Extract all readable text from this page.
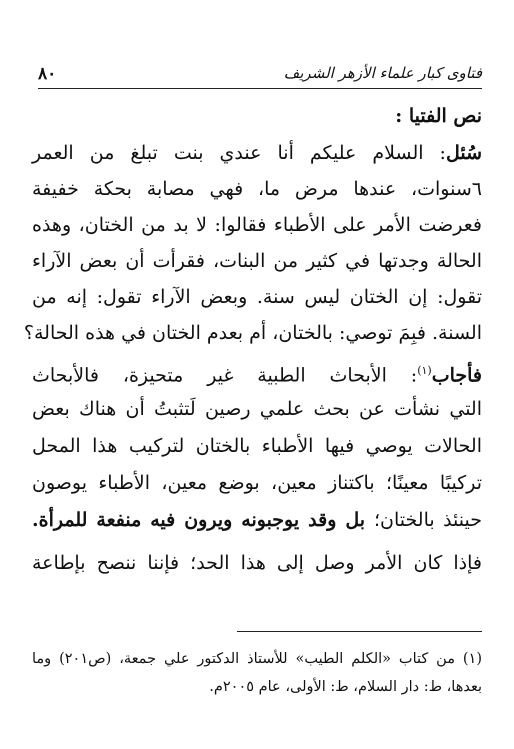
فتاوى كبار علماء الأزهر الشريف
٨٠
نص الفتيا :
سُئل: السلام عليكم أنا عندي بنت تبلغ من العمر
٦سنوات، عندها مرض ما، فهي مصابة بحكة خفيفة
فعرضت الأمر على الأطباء فقالوا: لا بد من الختان، وهذه
الحالة وجدتها في كثير من البنات، فقرأت أن بعض الآراء
تقول: إن الختان ليس سنة. وبعض الآراء تقول: إنه من
السنة. فبِمَ توصي: بالختان، أم بعدم الختان في هذه الحالة؟
فأجاب$^{(١)}$: الأبحاث الطبية غير متحيزة، فالأبحاث
التي نشأت عن بحث علمي رصين لَتثبتُ أن هناك بعض
الحالات يوصي فيها الأطباء بالختان لتركيب هذا المحل
تركيبًا معينًا؛ باكتناز معين، بوضع معين، الأطباء يوصون
حينئذ بالختان؛ بل وقد يوجبونه ويرون فيه منفعة للمرأة.
فإذا كان الأمر وصل إلى هذا الحد؛ فإننا ننصح بإطاعة
(١) من كتاب «الكلم الطيب» للأستاذ الدكتور علي جمعة، (ص٢٠١) وما
بعدها، ط: دار السلام، ط: الأولى، عام ٢٠٠٥م.
